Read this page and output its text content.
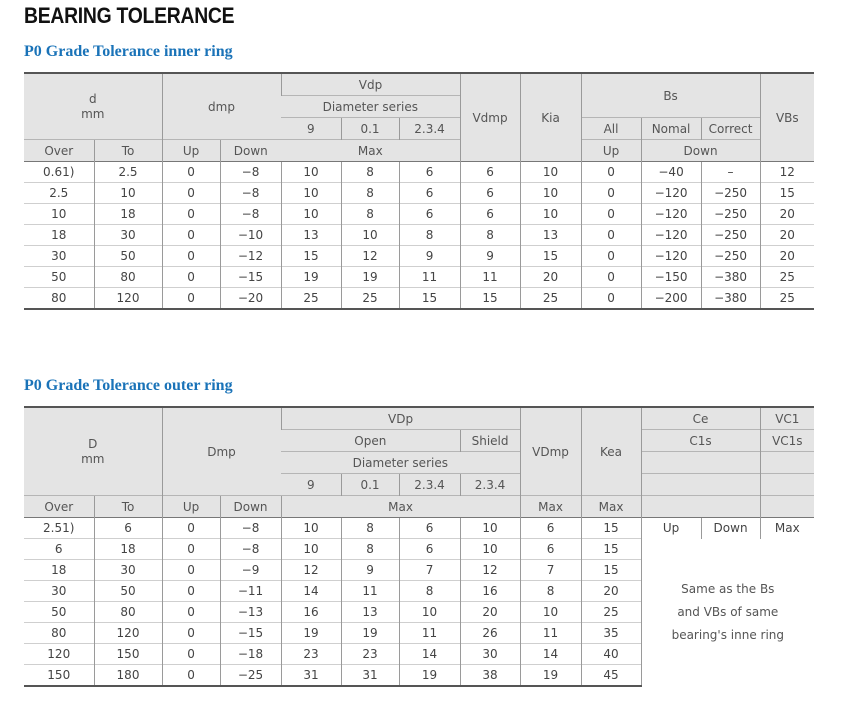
BEARING TOLERANCE
P0 Grade Tolerance inner ring
d
mm		dmp		Vdp			Vdmp	Kia	Bs			VBs
				Diameter series								
				9	0.1	2.3.4			All	Nomal	Correct	
				Max					Up	Down		
Over	To	Up	Down									
0.61)	2.5	0	−8	10	8	6	6	10	0	−40	–	12
2.5	10	0	−8	10	8	6	6	10	0	−120	−250	15
10	18	0	−8	10	8	6	6	10	0	−120	−250	20
18	30	0	−10	13	10	8	8	13	0	−120	−250	20
30	50	0	−12	15	12	9	9	15	0	−120	−250	20
50	80	0	−15	19	19	11	11	20	0	−150	−380	25
80	120	0	−20	25	25	15	15	25	0	−200	−380	25
P0 Grade Tolerance outer ring
D
mm		Dmp		VDp				VDmp	Kea	Ce		VC1
				Open			Shield			C1s		VC1s
				Diameter series								
				9	0.1	2.3.4	2.3.4					
Over	To	Up	Down	Max				Max	Max			
2.51)	6	0	−8	10	8	6	10	6	15	Up	Down	Max
6	18	0	−8	10	8	6	10	6	15	Same as the Bs
and VBs of same
bearing's inne ring		

18	30	0	−9	12	9	7	12	7	15			
30	50	0	−11	14	11	8	16	8	20			
50	80	0	−13	16	13	10	20	10	25			
80	120	0	−15	19	19	11	26	11	35			
120	150	0	−18	23	23	14	30	14	40			
150	180	0	−25	31	31	19	38	19	45			
